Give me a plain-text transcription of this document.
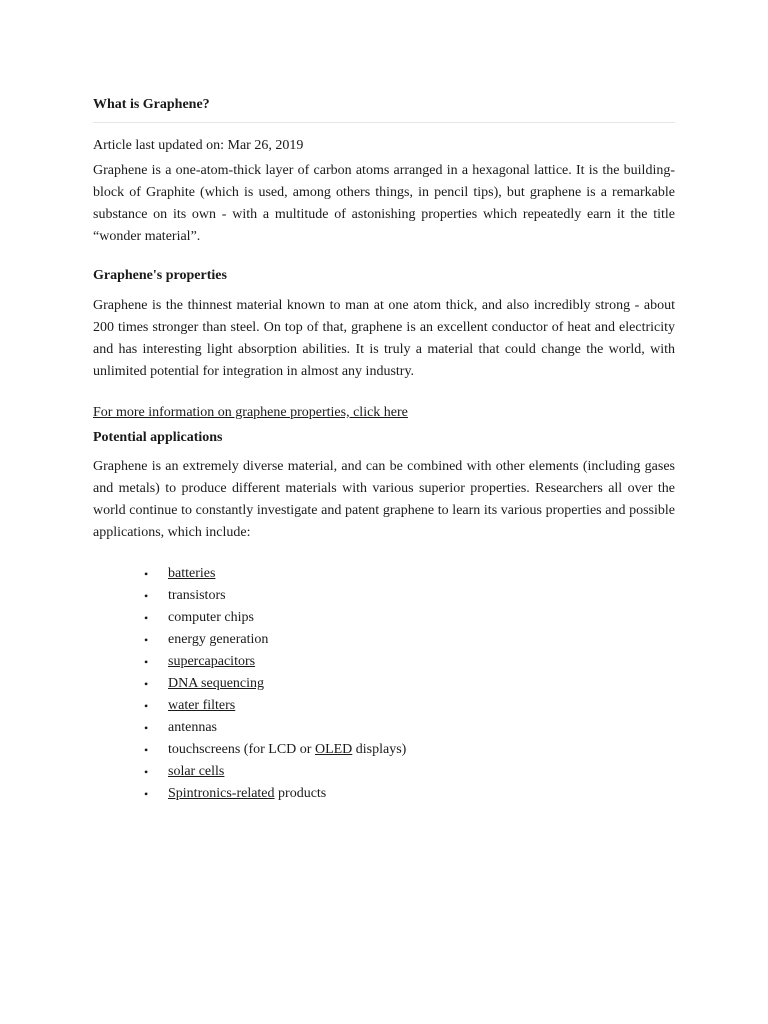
What is Graphene?
Article last updated on: Mar 26, 2019
Graphene is a one-atom-thick layer of carbon atoms arranged in a hexagonal lattice. It is the building-block of Graphite (which is used, among others things, in pencil tips), but graphene is a remarkable substance on its own - with a multitude of astonishing properties which repeatedly earn it the title “wonder material”.
Graphene's properties
Graphene is the thinnest material known to man at one atom thick, and also incredibly strong - about 200 times stronger than steel. On top of that, graphene is an excellent conductor of heat and electricity and has interesting light absorption abilities. It is truly a material that could change the world, with unlimited potential for integration in almost any industry.
For more information on graphene properties, click here
Potential applications
Graphene is an extremely diverse material, and can be combined with other elements (including gases and metals) to produce different materials with various superior properties. Researchers all over the world continue to constantly investigate and patent graphene to learn its various properties and possible applications, which include:
• batteries
• transistors
• computer chips
• energy generation
• supercapacitors
• DNA sequencing
• water filters
• antennas
• touchscreens (for LCD or OLED displays)
• solar cells
• Spintronics-related products
